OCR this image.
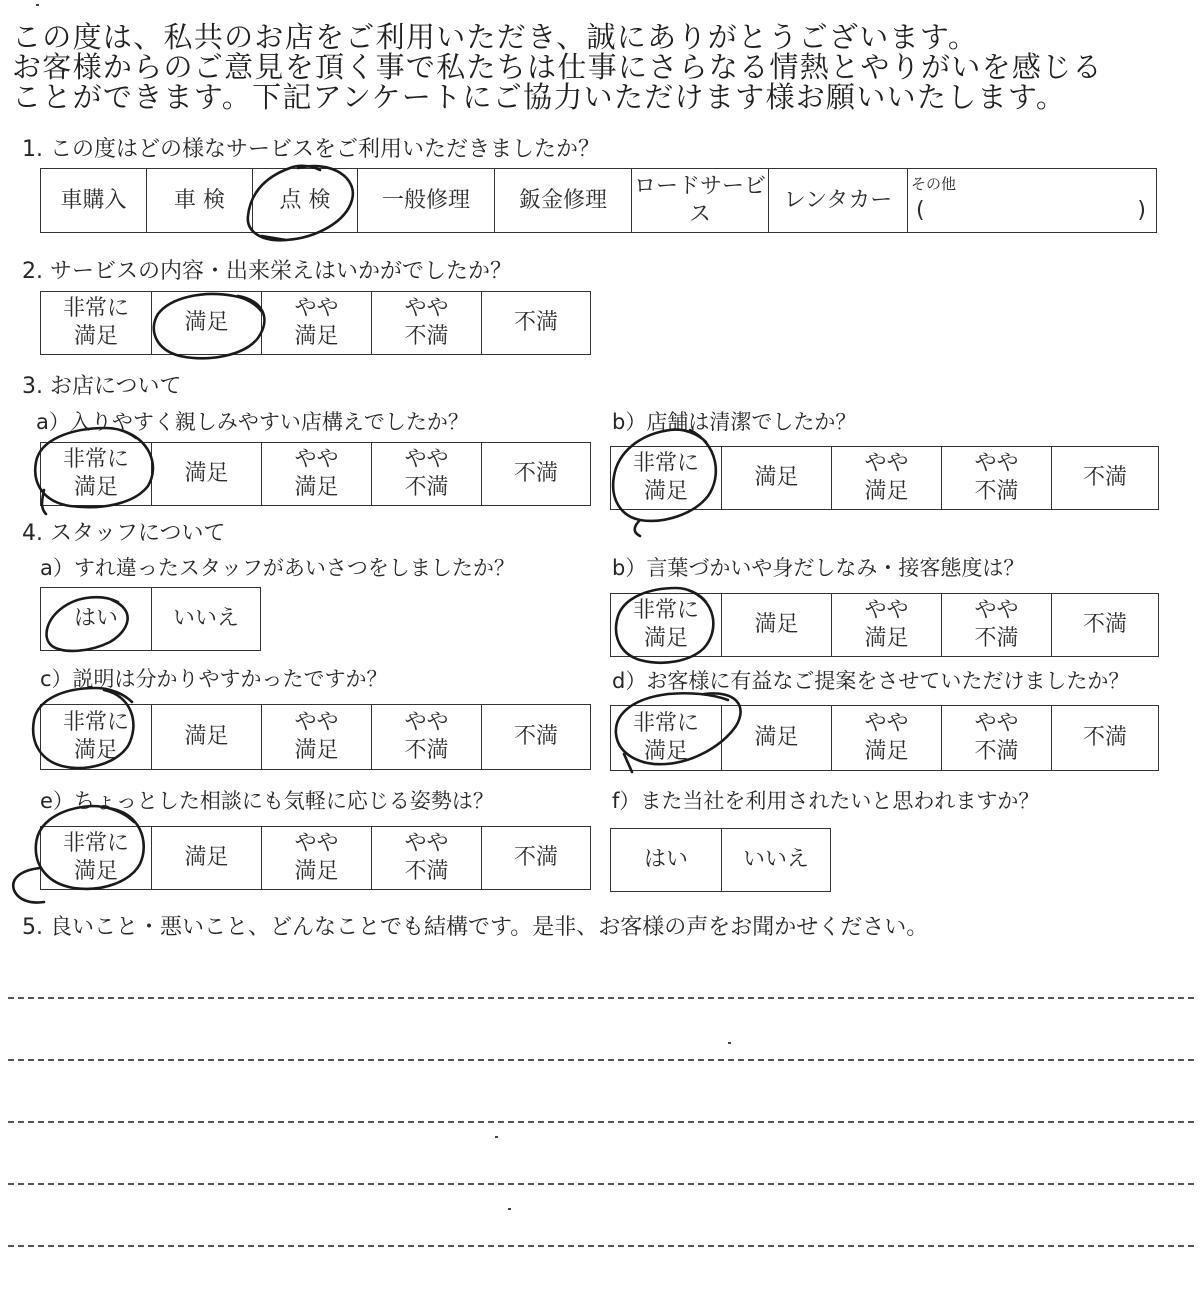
この度は、私共のお店をご利用いただき、誠にありがとうございます。
お客様からのご意見を頂く事で私たちは仕事にさらなる情熱とやりがいを感じる
ことができます。下記アンケートにご協力いただけます様お願いいたします。
1. この度はどの様なサービスをご利用いただきましたか？
車購入 車 検 点 検 一般修理 鈑金修理
ロードサービス
レンタカー
その他
(	)
2. サービスの内容・出来栄えはいかがでしたか？
非常に
満足
満足
やや
満足
やや
不満
不満
3. お店について
a）入りやすく親しみやすい店構えでしたか？
非常に
満足
満足
やや
満足
やや
不満
不満
b）店舗は清潔でしたか？
非常に
満足
満足
やや
満足
やや
不満
不満
4. スタッフについて
a）すれ違ったスタッフがあいさつをしましたか？
はい いいえ
b）言葉づかいや身だしなみ・接客態度は？
非常に
満足
満足
やや
満足
やや
不満
不満
c）説明は分かりやすかったですか？
非常に
満足
満足
やや
満足
やや
不満
不満
d）お客様に有益なご提案をさせていただけましたか？
非常に
満足
満足
やや
満足
やや
不満
不満
e）ちょっとした相談にも気軽に応じる姿勢は？
非常に
満足
満足
やや
満足
やや
不満
不満
f）また当社を利用されたいと思われますか？
はい いいえ
5. 良いこと・悪いこと、どんなことでも結構です。是非、お客様の声をお聞かせください。
